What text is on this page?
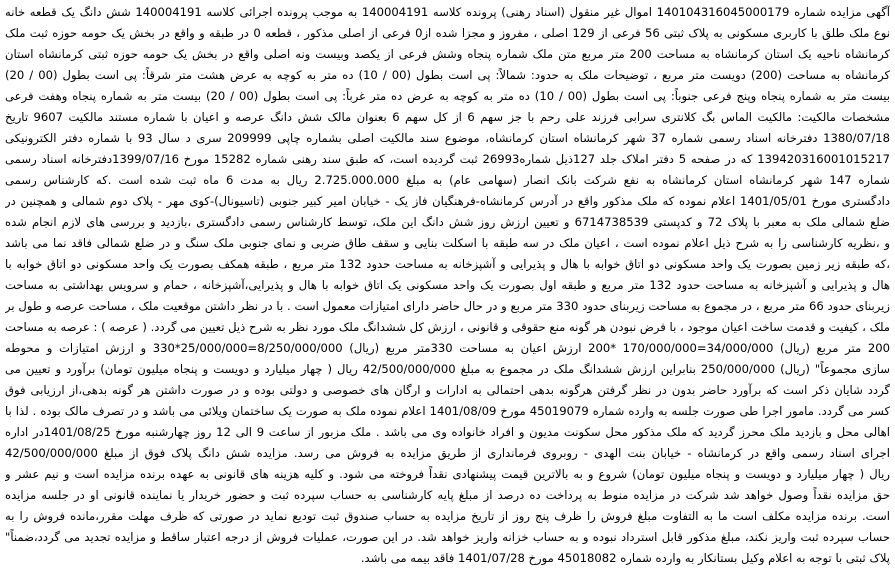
آگهی مزایده شماره 140104316045000179 اموال غیر منقول (اسناد رهنی) پرونده کلاسه 140004191 به موجب پرونده اجرائی کلاسه 140004191 شش دانگ یک قطعه خانه
نوع ملک طلق با کاربری مسکونی به پلاک ثبتی 56 فرعی از 129 اصلی ، مفروز و مجزا شده از0 فرعی از اصلی مذکور ، قطعه 0 در طبقه و واقع در بخش یک حومه حوزه ثبت ملک
کرمانشاه ناحیه یک استان کرمانشاه به مساحت 200 متر مربع متن ملک شماره پنجاه وشش فرعی از یکصد وبیست ونه اصلی واقع در بخش یک حومه حوزه ثبتی کرمانشاه استان
کرمانشاه به مساحت (200) دویست متر مربع ، توضیحات ملک به حدود: شمالاً: پی است بطول (00 / 10) ده متر به کوچه به عرض هشت متر شرقاً: پی است بطول (00 / 20)
بیست متر به شماره پنجاه وپنج فرعی جنوباً: پی است بطول (00 / 10) ده متر به کوچه به عرض ده متر غرباً: پی است بطول (00 / 20) بیست متر به شماره پنجاه وهفت فرعی
مشخصات مالکیت: مالکیت الماس بگ کلانتری سرابی فرزند علی رحم با جز سهم 6 از کل سهم 6 بعنوان مالک شش دانگ عرصه و اعیان با شماره مستند مالکیت 9607 تاریخ
1380/07/18 دفترخانه اسناد رسمی شماره 37 شهر کرمانشاه استان کرمانشاه، موضوع سند مالکیت اصلی بشماره چاپی 209999 سری د سال 93 با شماره دفتر الکترونیکی
139420316001015217 که در صفحه 5 دفتر املاک جلد 127ذیل شماره26993 ثبت گردیده است، که طبق سند رهنی شماره 15282 مورخ 1399/07/16دفترخانه اسناد رسمی
شماره 147 شهر کرمانشاه استان کرمانشاه به نفع شرکت بانک انصار (سهامی عام) به مبلغ 2.725.000.000 ریال به مدت 6 ماه ثبت شده است .که کارشناس رسمی
دادگستری مورخ 1401/05/01 اعلام نموده که ملک مذکور واقع در آدرس کرمانشاه-فرهنگیان فاز یک - خیابان امیر کبیر جنوبی (تاسیونال)-کوی مهر - پلاک دوم شمالی و همچنین در
ضلع شمالی ملک به معبر با پلاک 72 و کدپستی 6714738539 و تعیین ارزش روز شش دانگ این ملک، توسط کارشناس رسمی دادگستری ،بازدید و بررسی های لازم انجام شده
و ،نظریه کارشناسی را به شرح ذیل اعلام نموده است ، اعیان ملک در سه طبقه با اسکلت بنایی و سقف طاق ضربی و نمای جنوبی ملک سنگ و در ضلع شمالی فاقد نما می باشد
،که طبقه زیر زمین بصورت یک واحد مسکونی دو اتاق خوابه با هال و پذیرایی و آشپزخانه به مساحت حدود 132 متر مربع ، طبقه همکف بصورت یک واحد مسکونی دو اتاق خوابه با
هال و پذیرایی و آشپزخانه به مساحت حدود 132 متر مربع و طبقه اول بصورت یک واحد مسکونی یک اتاق خوابه با هال و پذیرایی،آشپزخانه ، حمام و سرویس بهداشتی به مساحت
زیربنای حدود 66 متر مربع ، در مجموع به مساحت زیربنای حدود 330 متر مربع و در حال حاضر دارای امتیازات معمول است . با در نظر داشتن موقعیت ملک ، مساحت عرصه و طول بر
ملک ، کیفیت و قدمت ساخت اعیان موجود ، با فرض نبودن هر گونه منع حقوقی و قانونی ، ارزش کل ششدانگ ملک مورد نظر به شرح ذیل تعیین می گردد. ( عرصه ) : عرصه به مساحت
200 متر مربع (ریال) 34/000/000=170/000/000 *200 ارزش اعیان به مساحت 330متر مربع (ریال) 8/250/000/000=25/000/000*330 و ارزش امتیازات و محوطه
سازی مجموعاً" (ریال) 250/000/000 بنابراین ارزش ششدانگ ملک در مجموع به مبلغ 42/500/000/000 ریال ( چهار میلیارد و دویست و پنجاه میلیون تومان) برآورد و تعیین می
گردد شایان ذکر است که برآورد حاضر بدون در نظر گرفتن هرگونه بدهی احتمالی به ادارات و ارگان های خصوصی و دولتی بوده و در صورت داشتن هر گونه بدهی،از ارزیابی فوق
کسر می گردد. مامور اجرا طی صورت جلسه به وارده شماره 45019079 مورخ 1401/08/09 اعلام نموده ملک به صورت یک ساختمان ویلائی می باشد و در تصرف مالک بوده . لذا با
اهالی محل و بازدید ملک محرز گردید که ملک مذکور محل سکونت مدیون و افراد خانواده وی می باشد . ملک مزبور از ساعت 9 الی 12 روز چهارشنبه مورخ 1401/08/25در اداره
اجرای اسناد رسمی واقع در کرمانشاه - خیابان بنت الهدی - روبروی فرمانداری از طریق مزایده به فروش می رسد. مزایده شش دانگ پلاک فوق از مبلغ 42/500/000/000
ریال ( چهار میلیارد و دویست و پنجاه میلیون تومان) شروع و به بالاترین قیمت پیشنهادی نقداً فروخته می شود. و کلیه هزینه های قانونی به عهده برنده مزایده است و نیم عشر و
حق مزایده نقداً وصول خواهد شد شرکت در مزایده منوط به پرداخت ده درصد از مبلغ پایه کارشناسی به حساب سپرده ثبت و حضور خریدار یا نماینده قانونی او در جلسه مزایده
است. برنده مزایده مکلف است ما به التفاوت مبلغ فروش را ظرف پنج روز از تاریخ مزایده به حساب صندوق ثبت تودیع نماید در صورتی که ظرف مهلت مقرر،مانده فروش را به
حساب سپرده ثبت واریز نکند، مبلغ مذکور قابل استرداد نبوده و به حساب خزانه واریز خواهد شد. در این صورت، عملیات فروش از درجه اعتبار ساقط و مزایده تجدید می گردد،ضمناً"
پلاک ثبتی با توجه به اعلام وکیل بستانکار به وارده شماره 45018082 مورخ 1401/07/28 فاقد بیمه می باشد.
